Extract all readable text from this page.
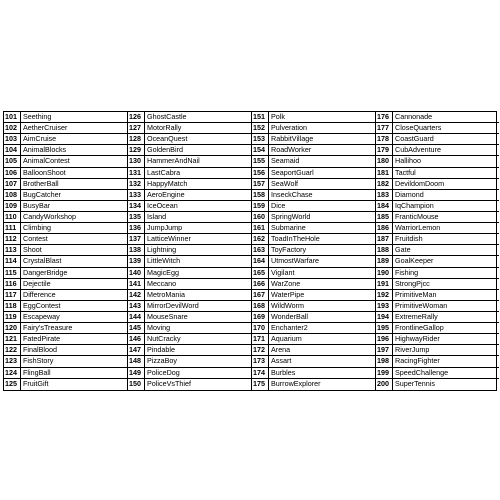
101
102
103
104
105
106
107
108
109
110
111
112
113
114
115
116
117
118
119
120
121
122
123
124
125
Seething
AetherCruiser
AimCruise
AnimalBlocks
AnimalContest
BalloonShoot
BrotherBall
BugCatcher
BusyBar
CandyWorkshop
Climbing
Contest
Shoot
CrystalBlast
DangerBridge
Dejectile
Difference
EggContest
Escapeway
Fairy'sTreasure
FatedPirate
FinalBlood
FishStory
FlingBall
FruitGift
126
127
128
129
130
131
132
133
134
135
136
137
138
139
140
141
142
143
144
145
146
147
148
149
150
GhostCastle
MotorRally
OceanQuest
GoldenBird
HammerAndNail
LastCabra
HappyMatch
AeroEngine
IceOcean
Island
JumpJump
LatticeWinner
Lightning
LittleWitch
MagicEgg
Meccano
MetroMania
MirrorDevilWord
MouseSnare
Moving
NutCracky
Pindable
PizzaBoy
PoliceDog
PoliceVsThief
151
152
153
154
155
156
157
158
159
160
161
162
163
164
165
166
167
168
169
170
171
172
173
174
175
Polk
Pulveration
RabbitVillage
RoadWorker
Seamaid
SeaportGuarl
SeaWolf
InseckChase
Dice
SpringWorld
Submarine
ToadInTheHole
ToyFactory
UtmostWarfare
Vigilant
WarZone
WaterPipe
WildWorm
WonderBall
Enchanter2
Aquarium
Arena
Assart
Burbles
BurrowExplorer
176
177
178
179
180
181
182
183
184
185
186
187
188
189
190
191
192
193
194
195
196
197
198
199
200
Cannonade
CloseQuarters
CoastGuard
CubAdventure
Hallihoo
Tactful
DevildomDoom
Diamond
IqChampion
FranticMouse
WarriorLemon
Fruitdish
Gate
GoalKeeper
Fishing
StrongPjcc
PrimitiveMan
PrimitiveWoman
ExtremeRally
FrontlineGallop
HighwayRider
RiverJump
RacingFighter
SpeedChallenge
SuperTennis
